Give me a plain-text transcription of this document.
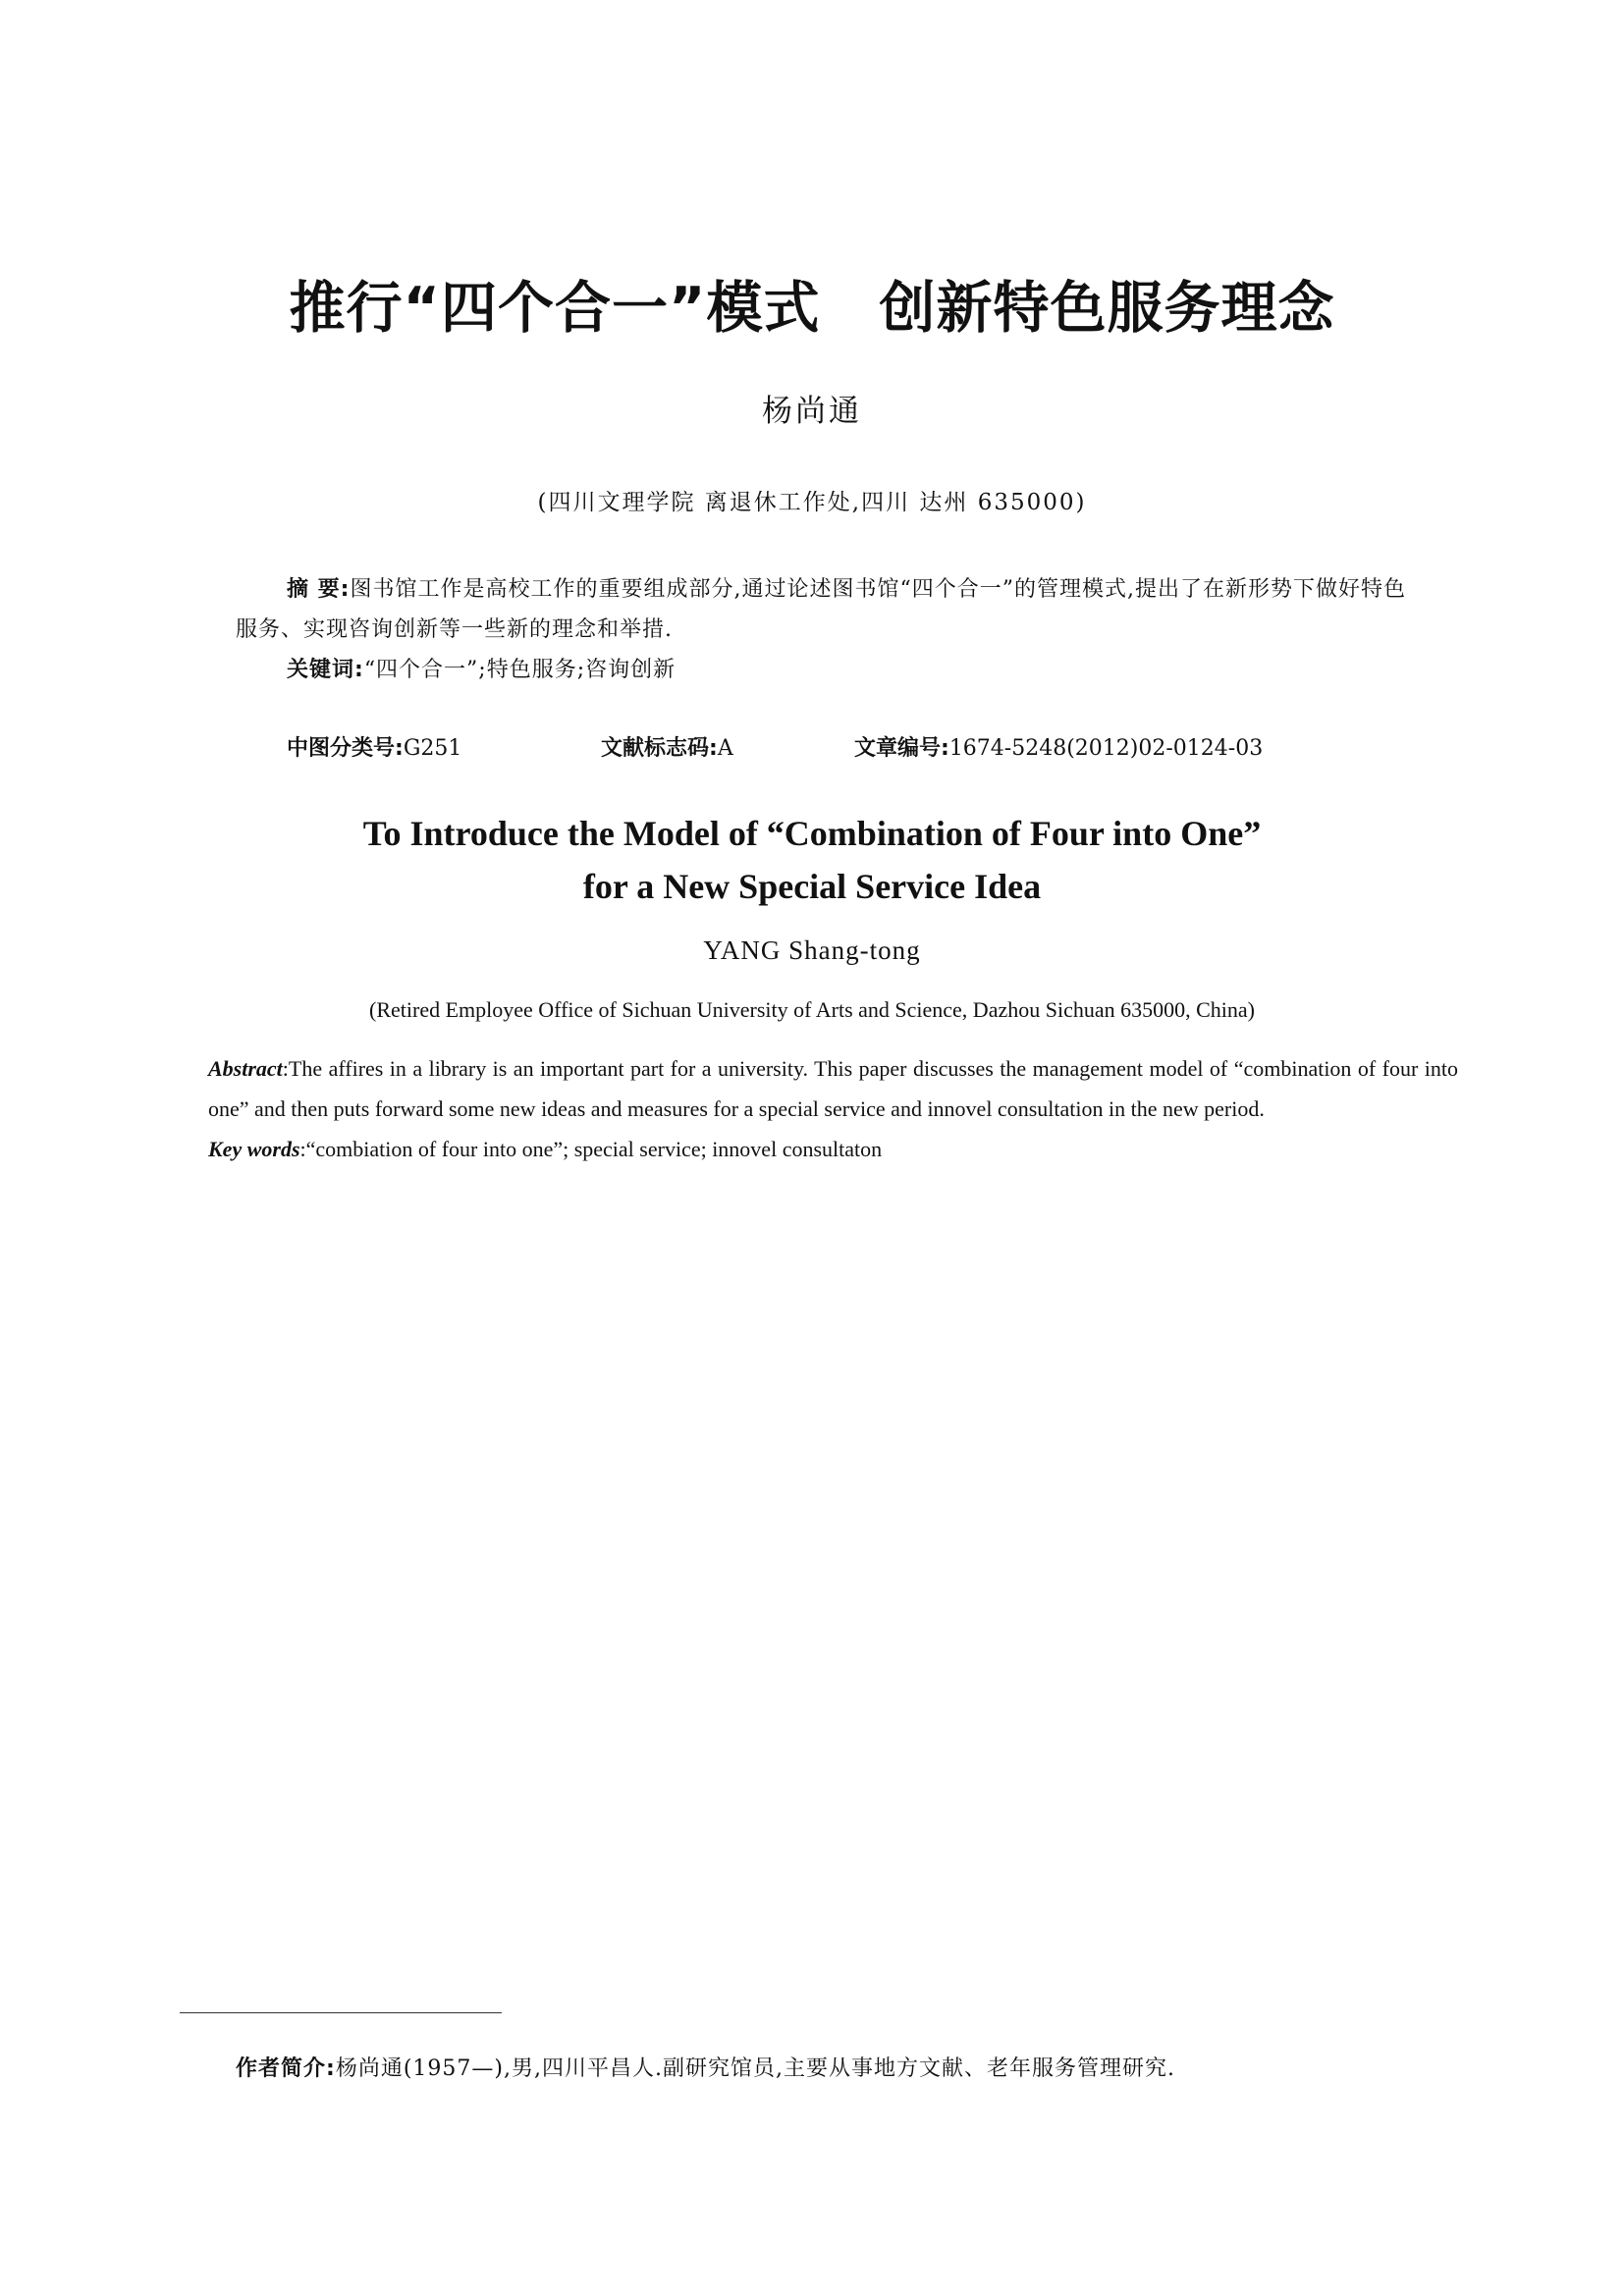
推行“四个合一”模式 创新特色服务理念
杨尚通
(四川文理学院 离退休工作处,四川 达州 635000)

摘 要:图书馆工作是高校工作的重要组成部分,通过论述图书馆“四个合一”的管理模式,提出了在新形势下做好特色服务、实现咨询创新等一些新的理念和举措.

关键词:“四个合一”;特色服务;咨询创新

中图分类号:G251	文献标志码:A	文章编号:1674-5248(2012)02-0124-03
To Introduce the Model of “Combination of Four into One”
for a New Special Service Idea
YANG Shang-tong
(Retired Employee Office of Sichuan University of Arts and Science, Dazhou Sichuan 635000, China)

Abstract:The affires in a library is an important part for a university. This paper discusses the management model of “combination of four into one” and then puts forward some new ideas and measures for a special service and innovel consultation in the new period.

Key words:“combiation of four into one”; special service; innovel consultaton

作者简介:杨尚通(1957—),男,四川平昌人.副研究馆员,主要从事地方文献、老年服务管理研究.
